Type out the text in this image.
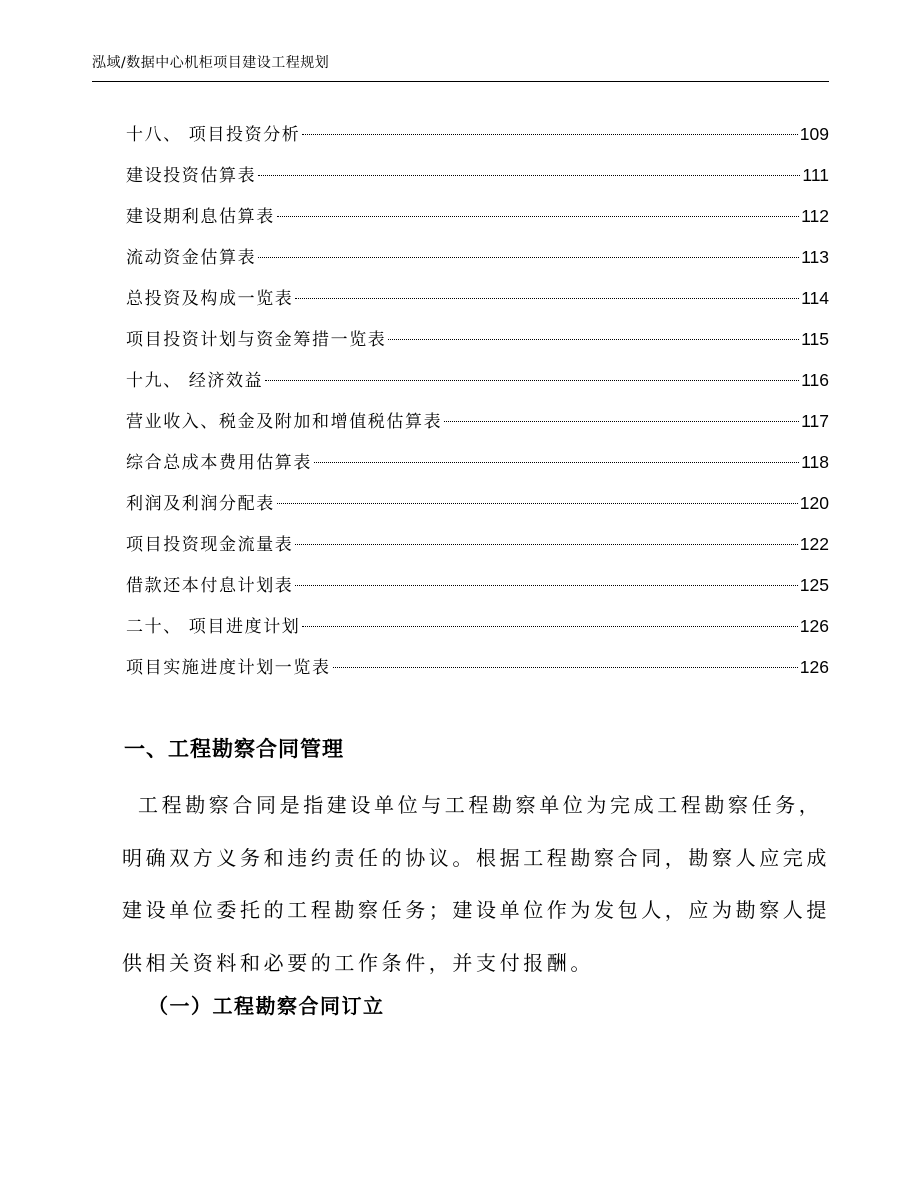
泓域/数据中心机柜项目建设工程规划
十八、 项目投资分析	109
建设投资估算表	111
建设期利息估算表	112
流动资金估算表	113
总投资及构成一览表	114
项目投资计划与资金筹措一览表	115
十九、 经济效益	116
营业收入、税金及附加和增值税估算表	117
综合总成本费用估算表	118
利润及利润分配表	120
项目投资现金流量表	122
借款还本付息计划表	125
二十、 项目进度计划	126
项目实施进度计划一览表	126
一、工程勘察合同管理

工程勘察合同是指建设单位与工程勘察单位为完成工程勘察任务，明确双方义务和违约责任的协议。根据工程勘察合同，勘察人应完成建设单位委托的工程勘察任务；建设单位作为发包人，应为勘察人提供相关资料和必要的工作条件，并支付报酬。

（一）工程勘察合同订立
